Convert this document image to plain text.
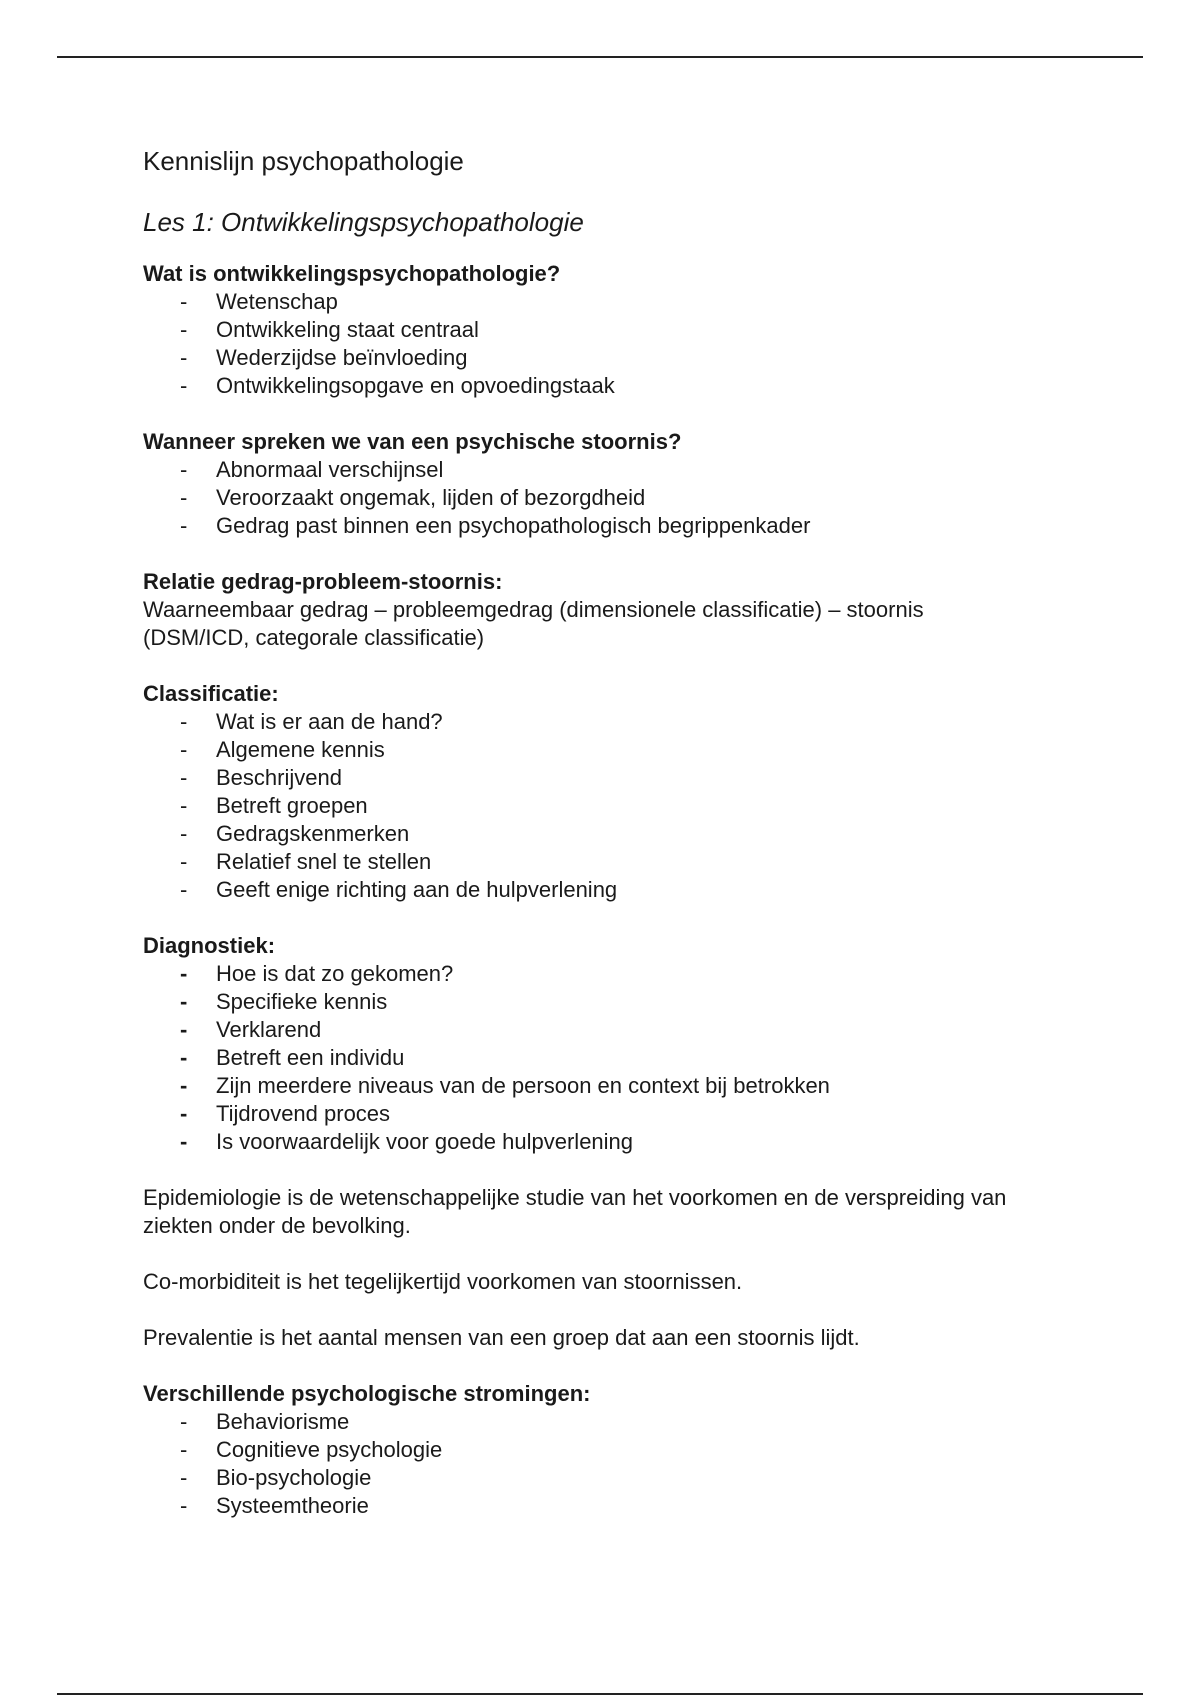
Kennislijn psychopathologie
Les 1: Ontwikkelingspsychopathologie
Wat is ontwikkelingspsychopathologie?
- Wetenschap
- Ontwikkeling staat centraal
- Wederzijdse beïnvloeding
- Ontwikkelingsopgave en opvoedingstaak
Wanneer spreken we van een psychische stoornis?
- Abnormaal verschijnsel
- Veroorzaakt ongemak, lijden of bezorgdheid
- Gedrag past binnen een psychopathologisch begrippenkader
Relatie gedrag-probleem-stoornis:

Waarneembaar gedrag – probleemgedrag (dimensionele classificatie) – stoornis (DSM/ICD, categorale classificatie)

Classificatie:
- Wat is er aan de hand?
- Algemene kennis
- Beschrijvend
- Betreft groepen
- Gedragskenmerken
- Relatief snel te stellen
- Geeft enige richting aan de hulpverlening
Diagnostiek:
- Hoe is dat zo gekomen?
- Specifieke kennis
- Verklarend
- Betreft een individu
- Zijn meerdere niveaus van de persoon en context bij betrokken
- Tijdrovend proces
- Is voorwaardelijk voor goede hulpverlening

Epidemiologie is de wetenschappelijke studie van het voorkomen en de verspreiding van ziekten onder de bevolking.

Co-morbiditeit is het tegelijkertijd voorkomen van stoornissen.

Prevalentie is het aantal mensen van een groep dat aan een stoornis lijdt.

Verschillende psychologische stromingen:
- Behaviorisme
- Cognitieve psychologie
- Bio-psychologie
- Systeemtheorie
